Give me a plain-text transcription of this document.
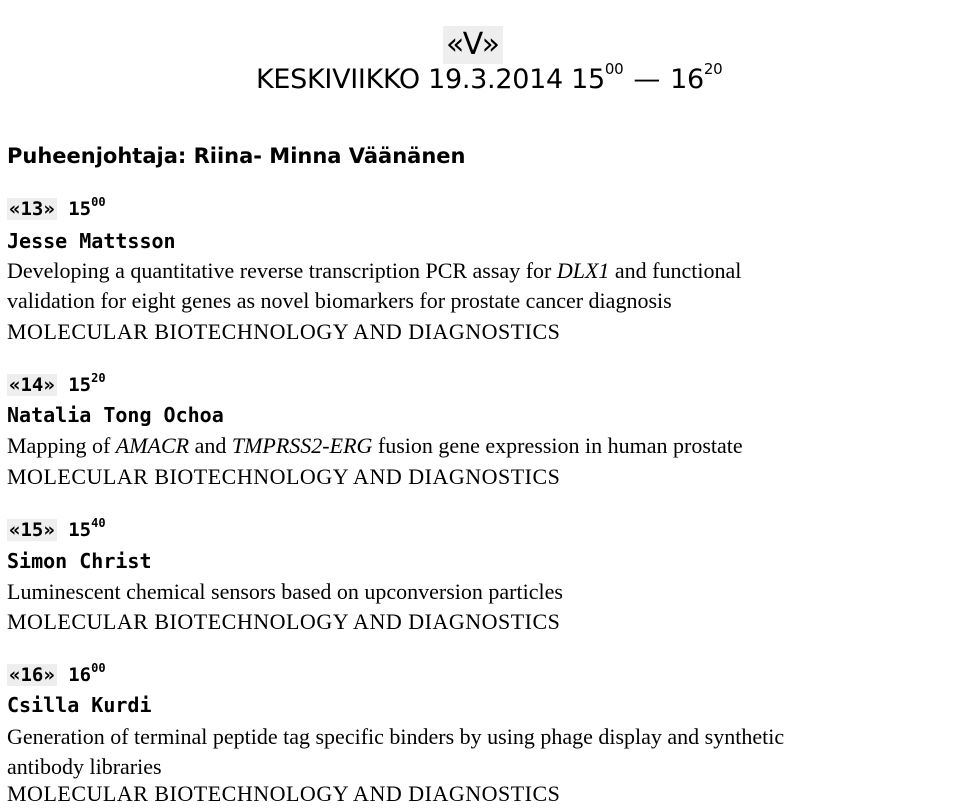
«V»
KESKIVIIKKO 19.3.2014 $15^{00}$ — $16^{20}$
Puheenjohtaja: Riina- Minna Väänänen
«13» $15^{00}$
Jesse Mattsson
Developing a quantitative reverse transcription PCR assay for DLX1 and functional
validation for eight genes as novel biomarkers for prostate cancer diagnosis
MOLECULAR BIOTECHNOLOGY AND DIAGNOSTICS
«14» $15^{20}$
Natalia Tong Ochoa
Mapping of AMACR and TMPRSS2-ERG fusion gene expression in human prostate
MOLECULAR BIOTECHNOLOGY AND DIAGNOSTICS
«15» $15^{40}$
Simon Christ
Luminescent chemical sensors based on upconversion particles
MOLECULAR BIOTECHNOLOGY AND DIAGNOSTICS
«16» $16^{00}$
Csilla Kurdi
Generation of terminal peptide tag specific binders by using phage display and synthetic
antibody libraries
MOLECULAR BIOTECHNOLOGY AND DIAGNOSTICS
